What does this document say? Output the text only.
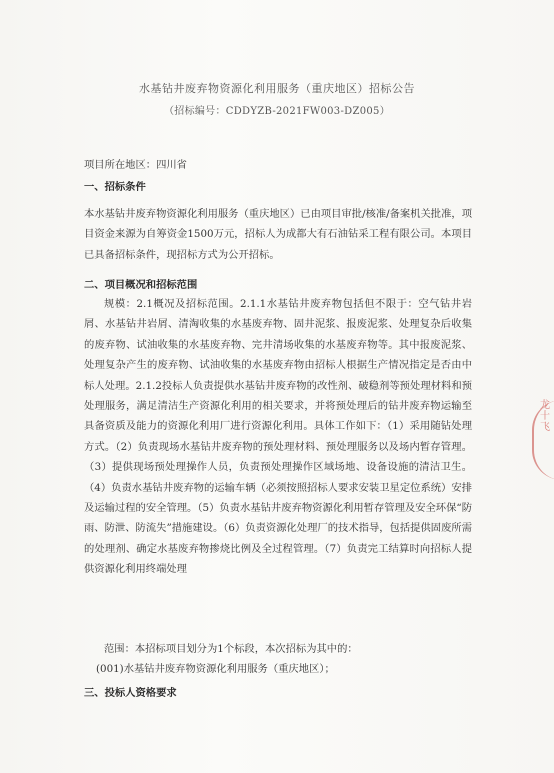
水基钻井废弃物资源化利用服务（重庆地区）招标公告
（招标编号：CDDYZB-2021FW003-DZ005）
项目所在地区：四川省
一、招标条件
本水基钻井废弃物资源化利用服务（重庆地区）已由项目审批/核准/备案机关批准，项目资金来源为自筹资金1500万元，招标人为成都大有石油钻采工程有限公司。本项目已具备招标条件，现招标方式为公开招标。
二、项目概况和招标范围
规模：2.1概况及招标范围。2.1.1水基钻井废弃物包括但不限于：空气钻井岩屑、水基钻井岩屑、清淘收集的水基废弃物、固井泥浆、报废泥浆、处理复杂后收集的废弃物、试油收集的水基废弃物、完井清场收集的水基废弃物等。其中报废泥浆、处理复杂产生的废弃物、试油收集的水基废弃物由招标人根据生产情况指定是否由中标人处理。2.1.2投标人负责提供水基钻井废弃物的改性剂、破稳剂等预处理材料和预处理服务，满足清洁生产资源化利用的相关要求，并将预处理后的钻井废弃物运输至具备资质及能力的资源化利用厂进行资源化利用。具体工作如下：（1）采用随钻处理方式。（2）负责现场水基钻井废弃物的预处理材料、预处理服务以及场内暂存管理。（3）提供现场预处理操作人员，负责预处理操作区域场地、设备设施的清洁卫生。（4）负责水基钻井废弃物的运输车辆（必须按照招标人要求安装卫星定位系统）安排及运输过程的安全管理。（5）负责水基钻井废弃物资源化利用暂存管理及安全环保“防雨、防泄、防流失”措施建设。（6）负责资源化处理厂的技术指导，包括提供固废所需的处理剂、确定水基废弃物掺烧比例及全过程管理。（7）负责完工结算时向招标人提供资源化利用终端处理
范围：本招标项目划分为1个标段，本次招标为其中的：
(001)水基钻井废弃物资源化利用服务（重庆地区）；
三、投标人资格要求
龙
十
飞
